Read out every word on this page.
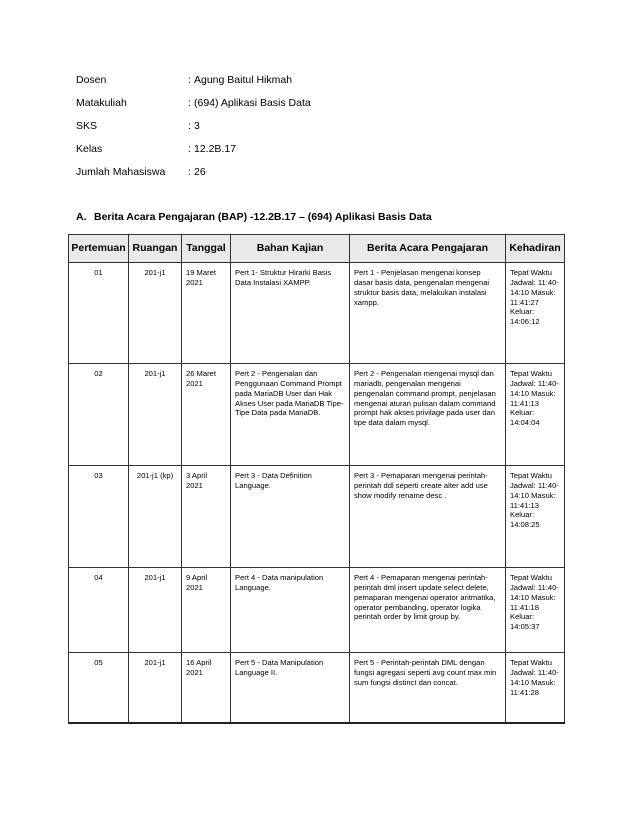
Dosen	: Agung Baitul Hikmah
Matakuliah	: (694) Aplikasi Basis Data
SKS	: 3
Kelas	: 12.2B.17
Jumlah Mahasiswa	: 26
A. Berita Acara Pengajaran (BAP) -12.2B.17 – (694) Aplikasi Basis Data
Pertemuan	Ruangan	Tanggal	Bahan Kajian	Berita Acara Pengajaran	Kehadiran
01	201-j1	19 Maret 2021	Pert 1- Struktur Hirarki Basis Data Instalasi XAMPP.	Pert 1 - Penjelasan mengenai konsep dasar basis data, pengenalan mengenai struktur basis data, melakukan instalasi xampp.	Tepat Waktu Jadwal: 11:40-14:10 Masuk: 11:41:27 Keluar: 14:06:12
02	201-j1	26 Maret 2021	Pert 2 - Pengenalan dan Penggunaan Command Prompt pada MariaDB User dan Hak Akses User pada MariaDB Tipe-Tipe Data pada MariaDB.	Pert 2 - Pengenalan mengenai mysql dan mariadb, pengenalan mengenai pengenalan command prompt, penjelasan mengenai aturan pulisan dalam command prompt hak akses privilage pada user dan tipe data dalam mysql.	Tepat Waktu Jadwal: 11:40-14:10 Masuk: 11:41:13 Keluar: 14:04:04
03	201-j1 (kp)	3 April 2021	Pert 3 - Data Definition Language.	Pert 3 - Pemaparan mengenai perintah-perintah ddl seperti create alter add use show modify rename desc .	Tepat Waktu Jadwal: 11:40-14:10 Masuk: 11:41:13 Keluar: 14:08:25
04	201-j1	9 April 2021	Pert 4 - Data manipulation Language.	Pert 4 - Pemaparan mengenai perintah-perintah dml insert update select delete, pemaparan mengenai operator aritmatika, operator pembanding, operator logika perintah order by limit group by.	Tepat Waktu Jadwal: 11:40-14:10 Masuk: 11:41:18 Keluar: 14:05:37
05	201-j1	16 April 2021	Pert 5 - Data Manipulation Language II.	Pert 5 - Perintah-perintah DML dengan fungsi agregasi seperti avg count max min sum fungsi distinct dan concat.	Tepat Waktu Jadwal: 11:40-14:10 Masuk: 11:41:28
